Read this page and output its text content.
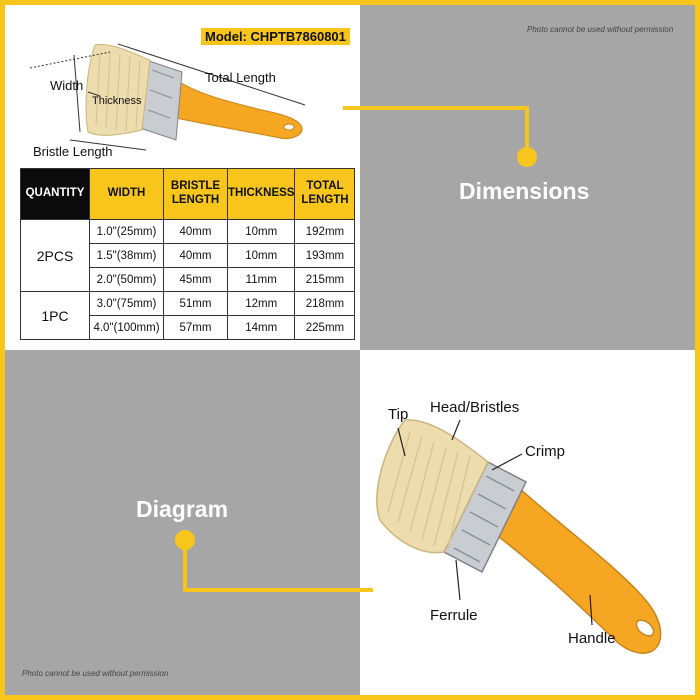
Photo cannot be used without permission
Photo cannot be used without permission
Model: CHPTB7860801
Width
Thickness
Total Length
Bristle Length
Dimensions
Diagram
QUANTITY	WIDTH	BRISTLE LENGTH	THICKNESS	TOTAL LENGTH
2PCS	1.0"(25mm)	40mm	10mm	192mm
	1.5"(38mm)	40mm	10mm	193mm
	2.0"(50mm)	45mm	11mm	215mm
1PC	3.0"(75mm)	51mm	12mm	218mm
	4.0"(100mm)	57mm	14mm	225mm
Tip Head/Bristles
Crimp
Ferrule
Handle
